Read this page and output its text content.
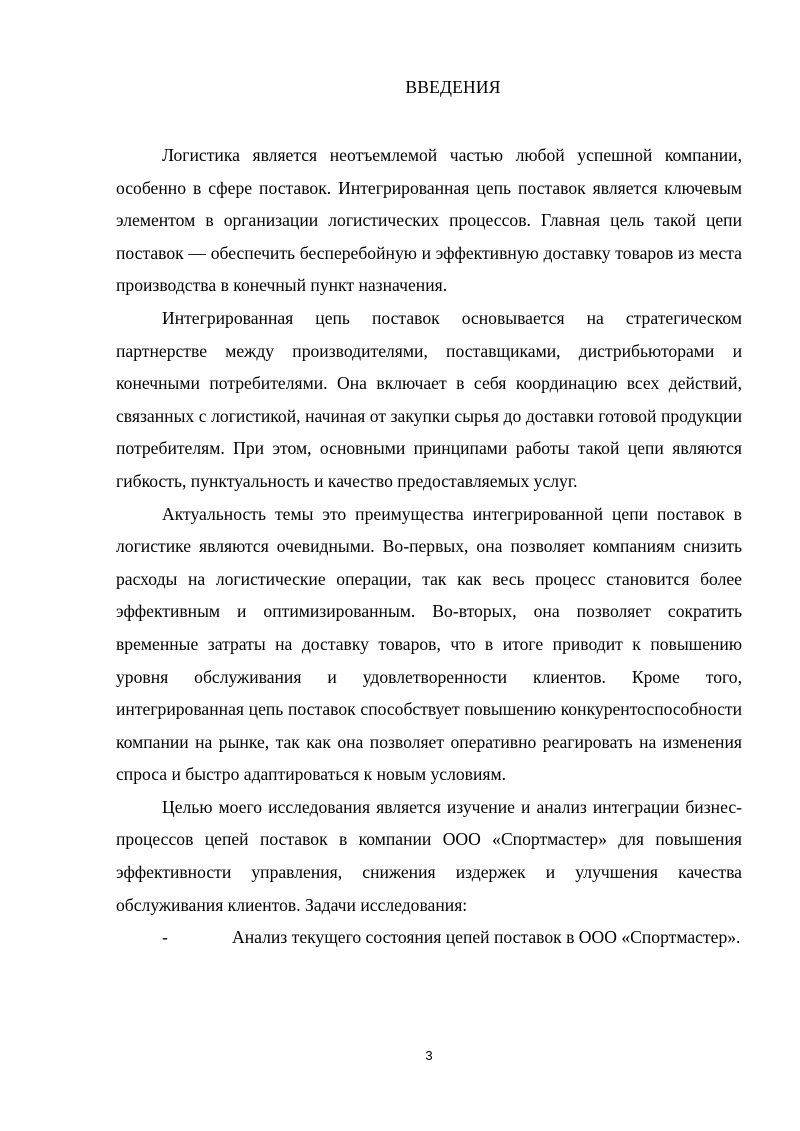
ВВЕДЕНИЯ

Логистика является неотъемлемой частью любой успешной компании, особенно в сфере поставок. Интегрированная цепь поставок является ключевым элементом в организации логистических процессов. Главная цель такой цепи поставок — обеспечить бесперебойную и эффективную доставку товаров из места производства в конечный пункт назначения.

Интегрированная цепь поставок основывается на стратегическом партнерстве между производителями, поставщиками, дистрибьюторами и конечными потребителями. Она включает в себя координацию всех действий, связанных с логистикой, начиная от закупки сырья до доставки готовой продукции потребителям. При этом, основными принципами работы такой цепи являются гибкость, пунктуальность и качество предоставляемых услуг.

Актуальность темы это преимущества интегрированной цепи поставок в логистике являются очевидными. Во-первых, она позволяет компаниям снизить расходы на логистические операции, так как весь процесс становится более эффективным и оптимизированным. Во-вторых, она позволяет сократить временные затраты на доставку товаров, что в итоге приводит к повышению уровня обслуживания и удовлетворенности клиентов. Кроме того, интегрированная цепь поставок способствует повышению конкурентоспособности компании на рынке, так как она позволяет оперативно реагировать на изменения спроса и быстро адаптироваться к новым условиям.

Целью моего исследования является изучение и анализ интеграции бизнес-процессов цепей поставок в компании ООО «Спортмастер» для повышения эффективности управления, снижения издержек и улучшения качества обслуживания клиентов. Задачи исследования:

-	Анализ текущего состояния цепей поставок в ООО «Спортмастер».

3
